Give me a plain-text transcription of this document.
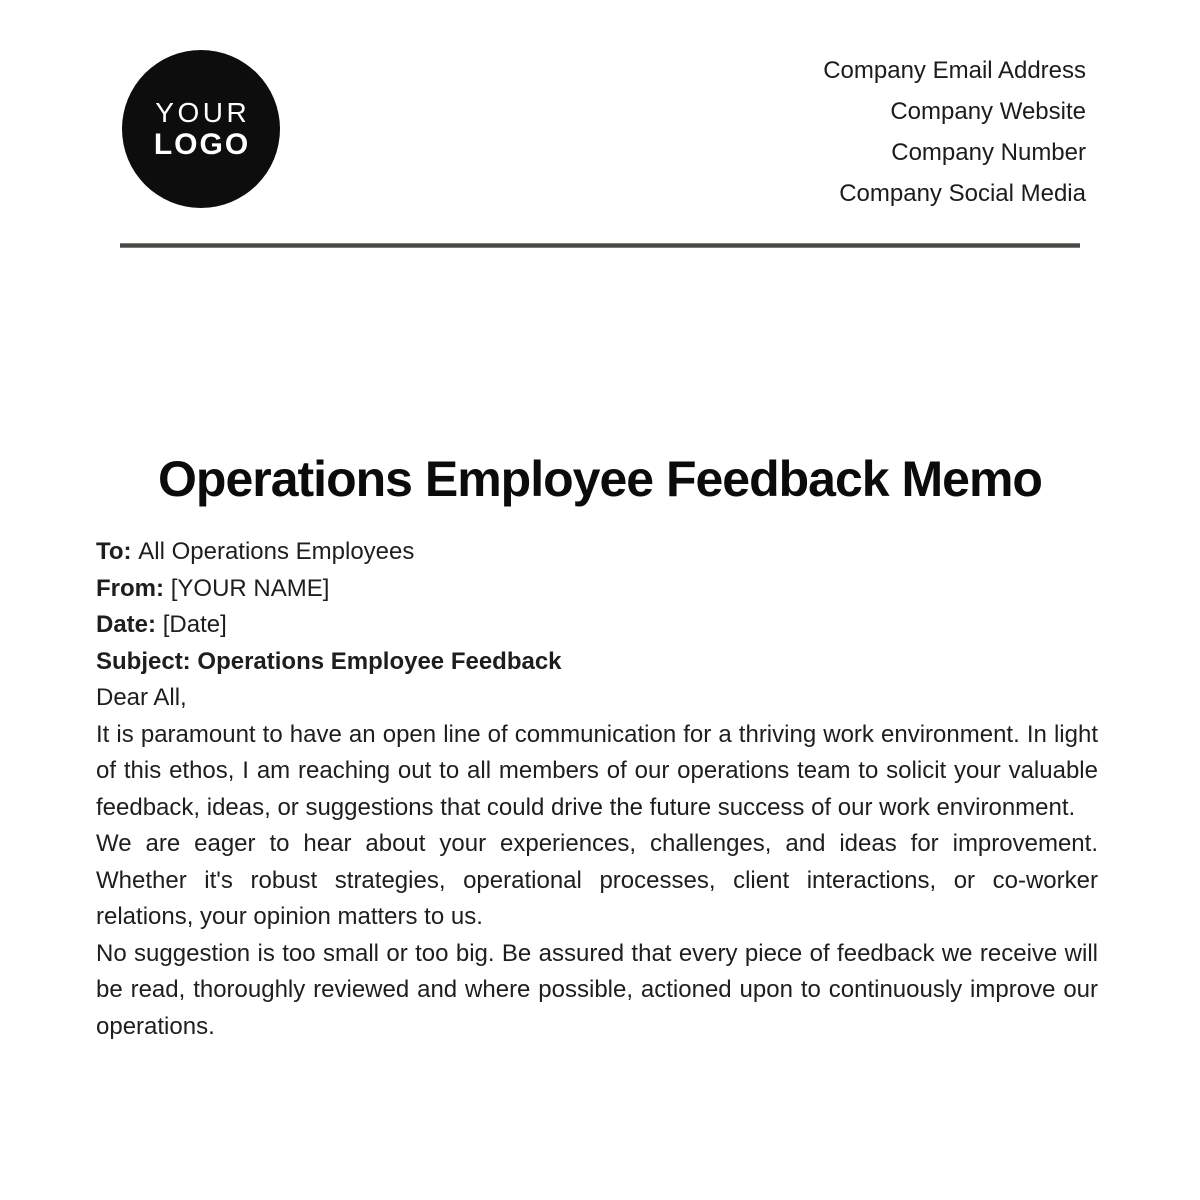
YOUR
LOGO
Company Email Address
Company Website
Company Number
Company Social Media
Operations Employee Feedback Memo
To: All Operations Employees
From: [YOUR NAME]
Date: [Date]
Subject: Operations Employee Feedback

Dear All,

It is paramount to have an open line of communication for a thriving work environment. In light of this ethos, I am reaching out to all members of our operations team to solicit your valuable feedback, ideas, or suggestions that could drive the future success of our work environment.

We are eager to hear about your experiences, challenges, and ideas for improvement. Whether it's robust strategies, operational processes, client interactions, or co-worker relations, your opinion matters to us.

No suggestion is too small or too big. Be assured that every piece of feedback we receive will be read, thoroughly reviewed and where possible, actioned upon to continuously improve our operations.
